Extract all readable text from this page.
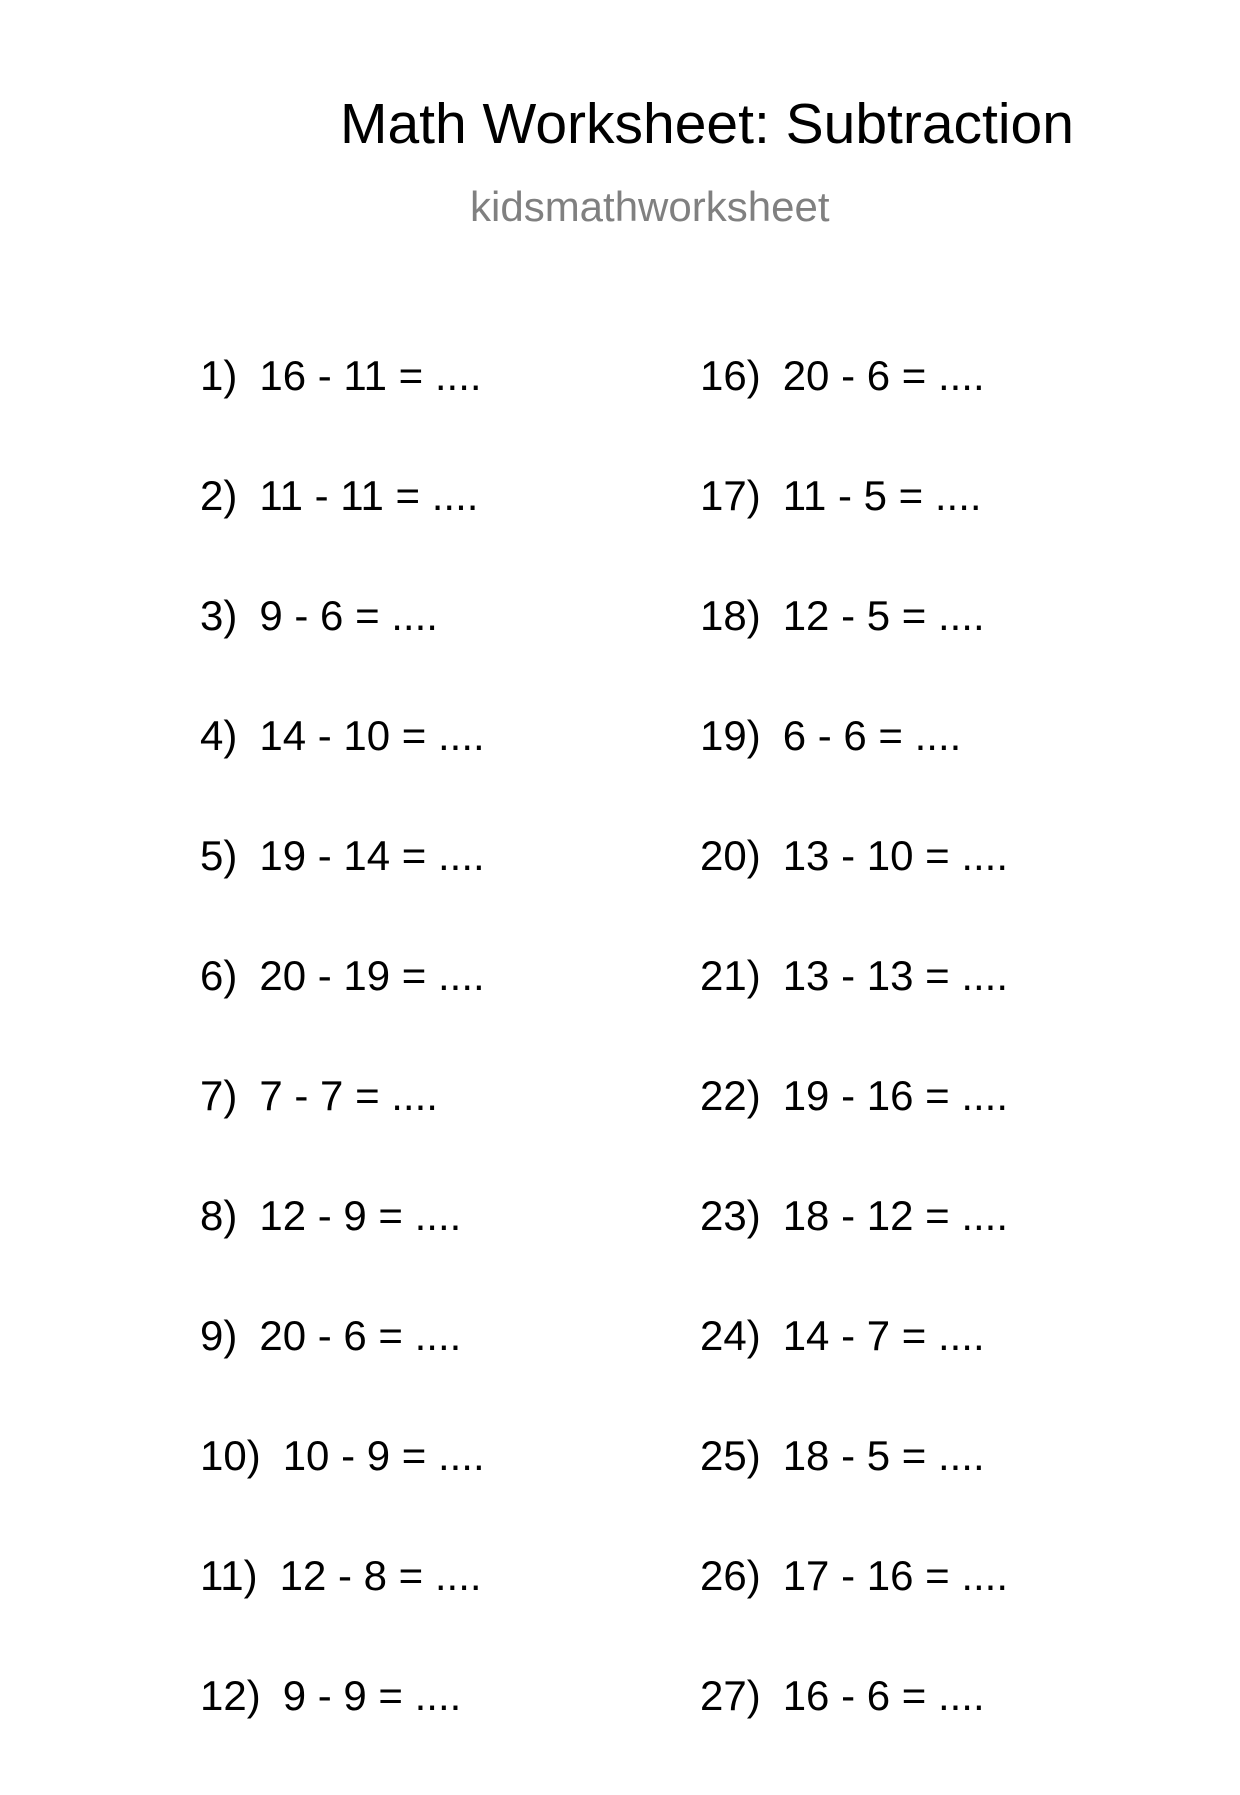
Math Worksheet: Subtraction
kidsmathworksheet
1) 16 - 11 = ....
2) 11 - 11 = ....
3) 9 - 6 = ....
4) 14 - 10 = ....
5) 19 - 14 = ....
6) 20 - 19 = ....
7) 7 - 7 = ....
8) 12 - 9 = ....
9) 20 - 6 = ....
10) 10 - 9 = ....
11) 12 - 8 = ....
12) 9 - 9 = ....
16) 20 - 6 = ....
17) 11 - 5 = ....
18) 12 - 5 = ....
19) 6 - 6 = ....
20) 13 - 10 = ....
21) 13 - 13 = ....
22) 19 - 16 = ....
23) 18 - 12 = ....
24) 14 - 7 = ....
25) 18 - 5 = ....
26) 17 - 16 = ....
27) 16 - 6 = ....
